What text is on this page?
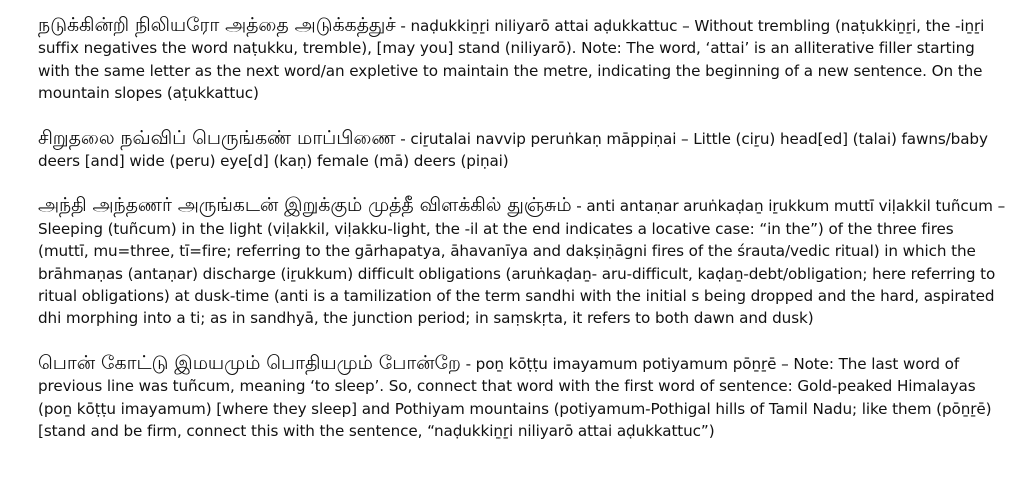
நடுக்கின்றி நிலியரோ அத்தை அடுக்கத்துச் - naḍukkiṉṟi niliyarō attai aḍukkattuc – Without trembling (naṭukkiṉṟi, the -iṉṟi suffix negatives the word naṭukku, tremble), [may you] stand (niliyarō). Note: The word, ‘attai’ is an alliterative filler starting with the same letter as the next word/an expletive to maintain the metre, indicating the beginning of a new sentence. On the mountain slopes (aṭukkattuc)

சிறுதலை நவ்விப் பெருங்கண் மாப்பிணை - ciṟutalai navvip peruṅkaṇ māppiṇai – Little (ciṟu) head[ed] (talai) fawns/baby deers [and] wide (peru) eye[d] (kaṇ) female (mā) deers (piṇai)

அந்தி அந்தணர் அருங்கடன் இறுக்கும் முத்தீ விளக்கில் துஞ்சும் - anti antaṇar aruṅkaḍaṉ iṟukkum muttī viḷakkil tuñcum – Sleeping (tuñcum) in the light (viḷakkil, viḷakku-light, the -il at the end indicates a locative case: “in the”) of the three fires (muttī, mu=three, tī=fire; referring to the gārhapatya, āhavanīya and dakṣiṇāgni fires of the śrauta/vedic ritual) in which the brāhmaṇas (antaṇar) discharge (iṟukkum) difficult obligations (aruṅkaḍaṉ- aru-difficult, kaḍaṉ-debt/obligation; here referring to ritual obligations) at dusk-time (anti is a tamilization of the term sandhi with the initial s being dropped and the hard, aspirated dhi morphing into a ti; as in sandhyā, the junction period; in saṃskṛta, it refers to both dawn and dusk)

பொன் கோட்டு இமயமும் பொதியமும் போன்றே - poṉ kōṭṭu imayamum potiyamum pōṉṟē – Note: The last word of previous line was tuñcum, meaning ‘to sleep’. So, connect that word with the first word of sentence: Gold-peaked Himalayas (poṉ kōṭṭu imayamum) [where they sleep] and Pothiyam mountains (potiyamum-Pothigal hills of Tamil Nadu; like them (pōṉṟē) [stand and be firm, connect this with the sentence, “naḍukkiṉṟi niliyarō attai aḍukkattuc”)
